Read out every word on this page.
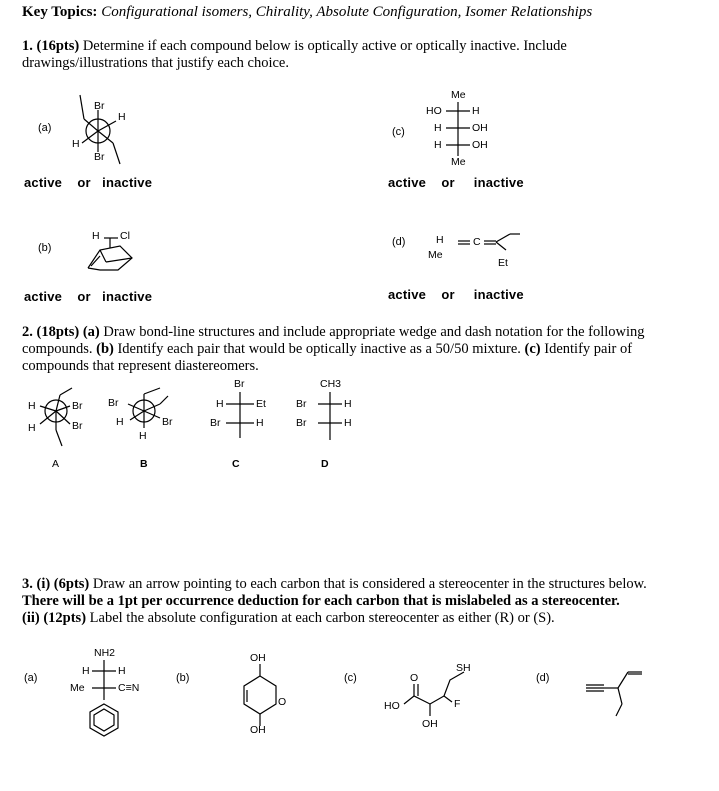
Key Topics: Configurational isomers, Chirality, Absolute Configuration, Isomer Relationships
1. (16pts) Determine if each compound below is optically active or optically inactive. Include drawings/illustrations that justify each choice.
(a)
(b)
(c)
(d)
active or inactive	active or inactive
active or inactive	active or inactive
Br
H
H
Br
H Cl
Me
HO	H
H	OH
H	OH
Me
H
Me
C
Et
2. (18pts) (a) Draw bond-line structures and include appropriate wedge and dash notation for the following compounds. (b) Identify each pair that would be optically inactive as a 50/50 mixture. (c) Identify pair of compounds that represent diastereomers.
H
H
Br
Br
A
Br
H	Br
H
B
Br
H	Et
Br	H
C
CH3
Br	H
Br	H
D
3. (i) (6pts) Draw an arrow pointing to each carbon that is considered a stereocenter in the structures below.
There will be a 1pt per occurrence deduction for each carbon that is mislabeled as a stereocenter.
(ii) (12pts) Label the absolute configuration at each carbon stereocenter as either (R) or (S).
(a)	(b)	(c)	(d)
NH2
H	H
Me	C≡N
OH
O
OH
O
HO
OH
SH
F
